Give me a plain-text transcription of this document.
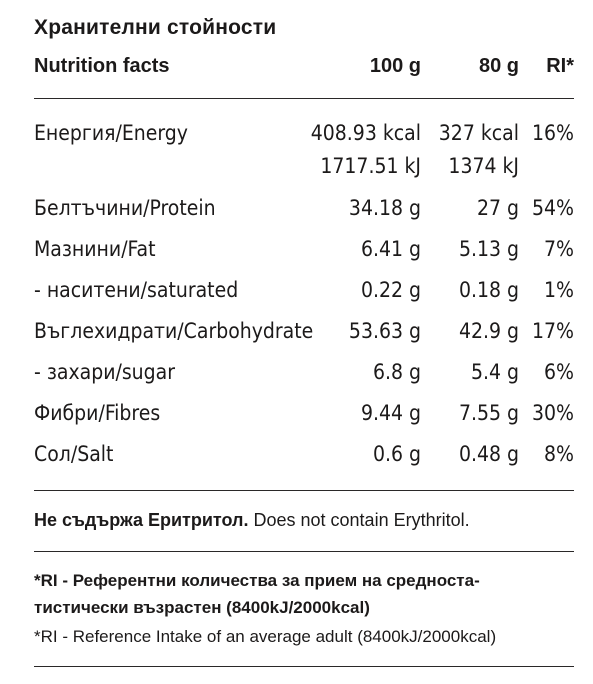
Хранителни стойности
Nutrition facts	100 g	80 g RI*
Енергия/Energy	408.93 kcal 327 kcal 16%
1717.51 kJ 1374 kJ
Белтъчини/Protein	34.18 g	27 g 54%
Мазнини/Fat	6.41 g 5.13 g 7%
- наситени/saturated	0.22 g 0.18 g 1%
Въглехидрати/Carbohydrate 53.63 g 42.9 g 17%
- захари/sugar	6.8 g 5.4 g 6%
Фибри/Fibres	9.44 g 7.55 g 30%
Сол/Salt	0.6 g 0.48 g 8%
Не съдържа Еритритол. Does not contain Erythritol.
*RI - Референтни количества за прием на средноста-
тистически възрастен (8400kJ/2000kcal)
*RI - Reference Intake of an average adult (8400kJ/2000kcal)
